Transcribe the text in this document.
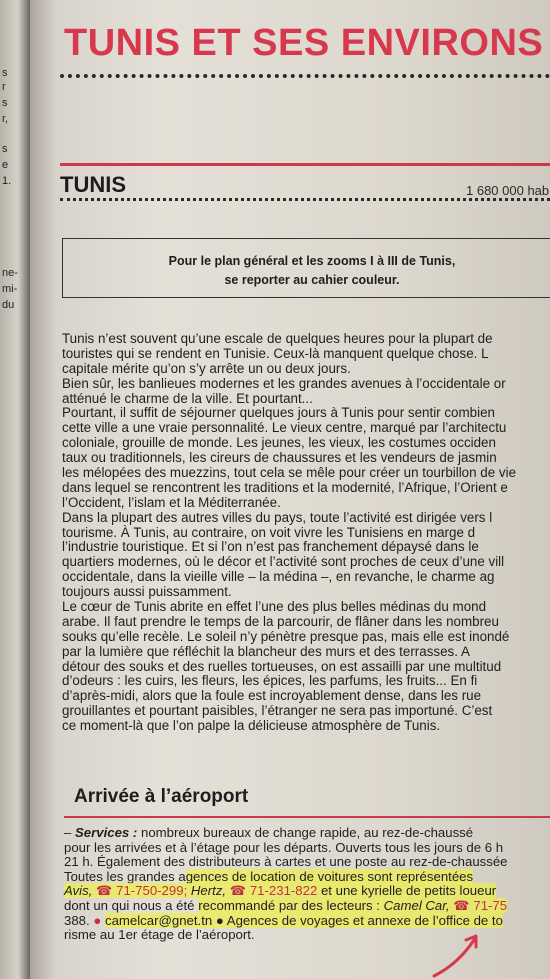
s
r
s
r,
s
e
1.
ne-
mi-
du
TUNIS ET SES ENVIRONS
TUNIS	1 680 000 hab
Pour le plan général et les zooms I à III de Tunis,
se reporter au cahier couleur.
Tunis n’est souvent qu’une escale de quelques heures pour la plupart de
touristes qui se rendent en Tunisie. Ceux-là manquent quelque chose. L
capitale mérite qu’on s’y arrête un ou deux jours.
Bien sûr, les banlieues modernes et les grandes avenues à l’occidentale or
atténué le charme de la ville. Et pourtant...
Pourtant, il suffit de séjourner quelques jours à Tunis pour sentir combien
cette ville a une vraie personnalité. Le vieux centre, marqué par l’architectu
coloniale, grouille de monde. Les jeunes, les vieux, les costumes occiden
taux ou traditionnels, les cireurs de chaussures et les vendeurs de jasmin
les mélopées des muezzins, tout cela se mêle pour créer un tourbillon de vie
dans lequel se rencontrent les traditions et la modernité, l’Afrique, l’Orient e
l’Occident, l’islam et la Méditerranée.
Dans la plupart des autres villes du pays, toute l’activité est dirigée vers l
tourisme. À Tunis, au contraire, on voit vivre les Tunisiens en marge d
l’industrie touristique. Et si l’on n’est pas franchement dépaysé dans le
quartiers modernes, où le décor et l’activité sont proches de ceux d’une vill
occidentale, dans la vieille ville – la médina –, en revanche, le charme ag
toujours aussi puissamment.
Le cœur de Tunis abrite en effet l’une des plus belles médinas du mond
arabe. Il faut prendre le temps de la parcourir, de flâner dans les nombreu
souks qu’elle recèle. Le soleil n’y pénètre presque pas, mais elle est inondé
par la lumière que réfléchit la blancheur des murs et des terrasses. A
détour des souks et des ruelles tortueuses, on est assailli par une multitud
d’odeurs : les cuirs, les fleurs, les épices, les parfums, les fruits... En fi
d’après-midi, alors que la foule est incroyablement dense, dans les rue
grouillantes et pourtant paisibles, l’étranger ne sera pas importuné. C’est
ce moment-là que l’on palpe la délicieuse atmosphère de Tunis.
Arrivée à l’aéroport
– Services : nombreux bureaux de change rapide, au rez-de-chaussé
pour les arrivées et à l’étage pour les départs. Ouverts tous les jours de 6 h
21 h. Également des distributeurs à cartes et une poste au rez-de-chaussée
Toutes les grandes agences de location de voitures sont représentées
Avis, ☎ 71-750-299; Hertz, ☎ 71-231-822 et une kyrielle de petits loueur
dont un qui nous a été recommandé par des lecteurs : Camel Car, ☎ 71-75
388. ● camelcar@gnet.tn ● Agences de voyages et annexe de l’office de to
risme au 1er étage de l’aéroport.
